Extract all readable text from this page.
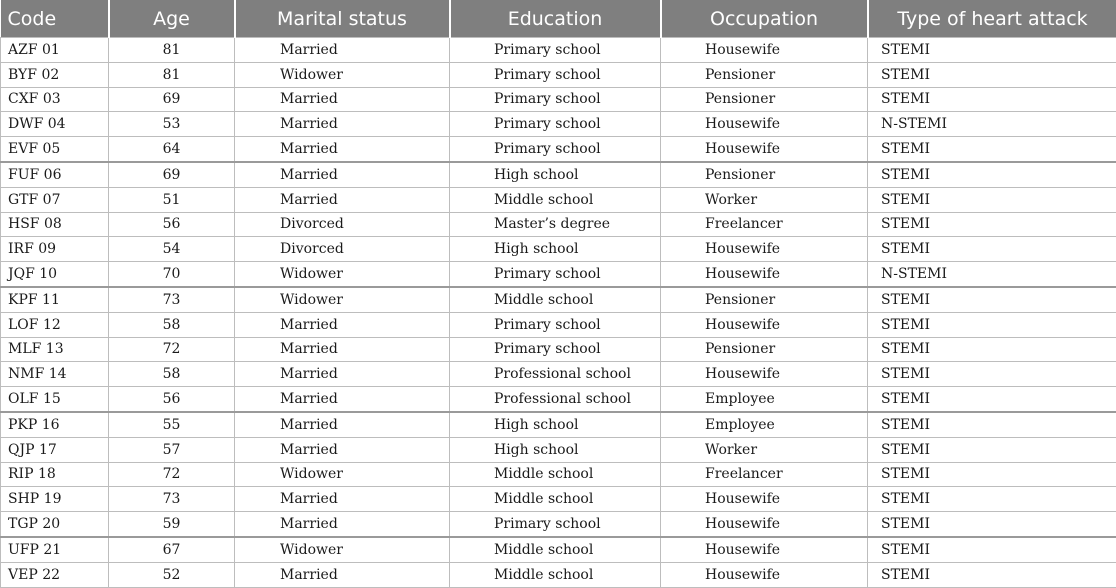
Code	Age	Marital status	Education	Occupation	Type of heart attack
AZF 01	81	Married	Primary school	Housewife	STEMI
BYF 02	81	Widower	Primary school	Pensioner	STEMI
CXF 03	69	Married	Primary school	Pensioner	STEMI
DWF 04	53	Married	Primary school	Housewife	N-STEMI
EVF 05	64	Married	Primary school	Housewife	STEMI
FUF 06	69	Married	High school	Pensioner	STEMI
GTF 07	51	Married	Middle school	Worker	STEMI
HSF 08	56	Divorced	Master’s degree	Freelancer	STEMI
IRF 09	54	Divorced	High school	Housewife	STEMI
JQF 10	70	Widower	Primary school	Housewife	N-STEMI
KPF 11	73	Widower	Middle school	Pensioner	STEMI
LOF 12	58	Married	Primary school	Housewife	STEMI
MLF 13	72	Married	Primary school	Pensioner	STEMI
NMF 14	58	Married	Professional school	Housewife	STEMI
OLF 15	56	Married	Professional school	Employee	STEMI
PKP 16	55	Married	High school	Employee	STEMI
QJP 17	57	Married	High school	Worker	STEMI
RIP 18	72	Widower	Middle school	Freelancer	STEMI
SHP 19	73	Married	Middle school	Housewife	STEMI
TGP 20	59	Married	Primary school	Housewife	STEMI
UFP 21	67	Widower	Middle school	Housewife	STEMI
VEP 22	52	Married	Middle school	Housewife	STEMI
